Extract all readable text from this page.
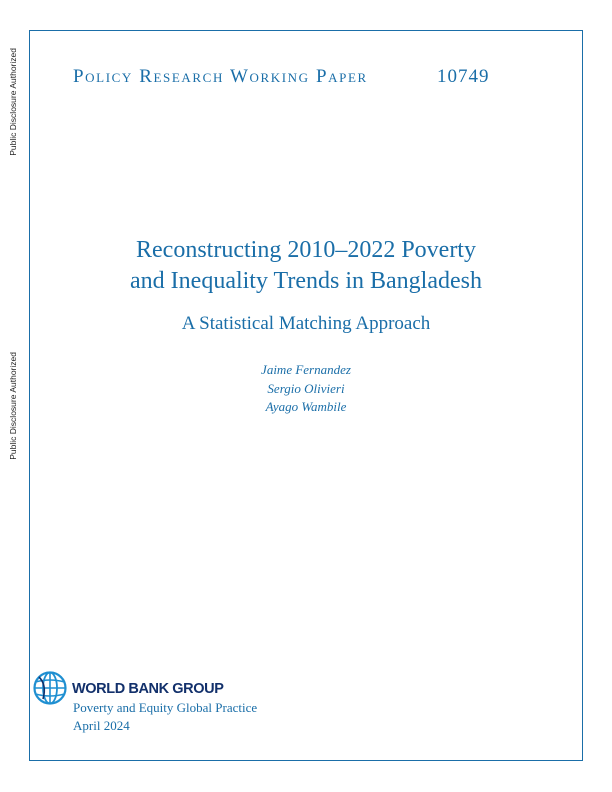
Public Disclosure Authorized
Public Disclosure Authorized
Policy Research Working Paper	10749
Reconstructing 2010–2022 Poverty
and Inequality Trends in Bangladesh
A Statistical Matching Approach
Jaime Fernandez
Sergio Olivieri
Ayago Wambile
WORLD BANK GROUP
Poverty and Equity Global Practice
April 2024
